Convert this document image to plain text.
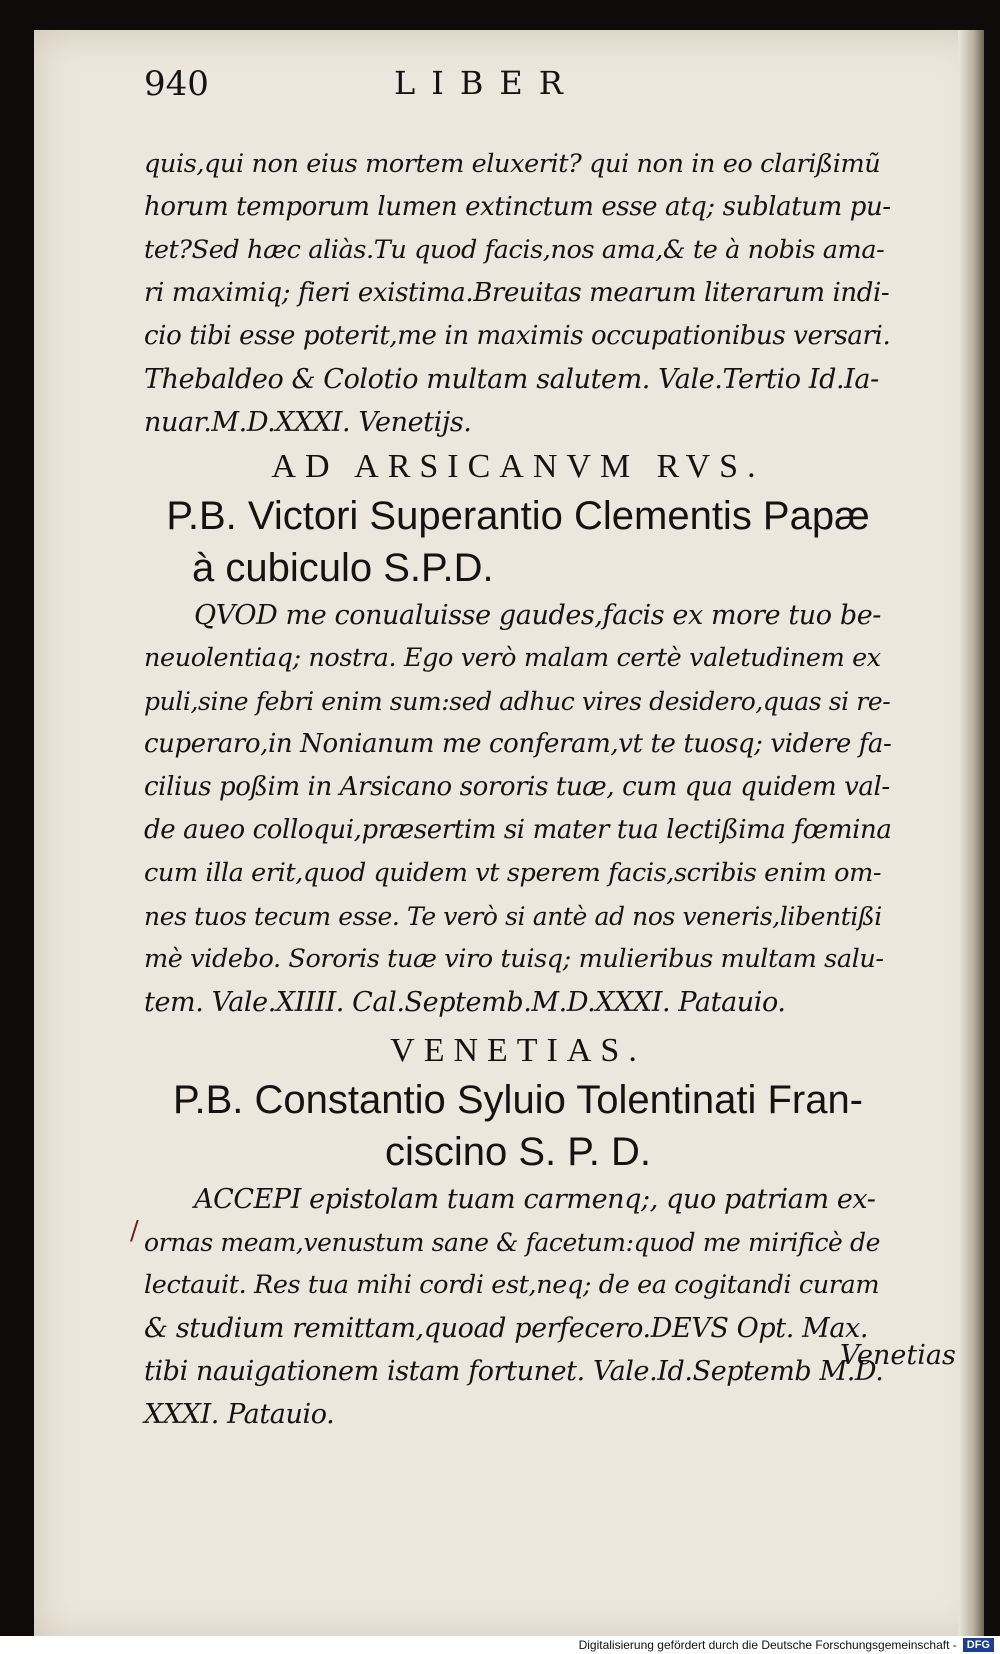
940	LIBER
quis,qui non eius mortem eluxerit? qui non in eo clarißimũ
horum temporum lumen extinctum esse atq; sublatum pu-
tet?Sed hæc aliàs.Tu quod facis,nos ama,& te à nobis ama-
ri maximiq; fieri existima.Breuitas mearum literarum indi-
cio tibi esse poterit,me in maximis occupationibus versari.
Thebaldeo & Colotio multam salutem. Vale.Tertio Id.Ia-
nuar.M.D.XXXI. Venetijs.
AD ARSICANVM RVS.
P.B. Victori Superantio Clementis Papæ
à cubiculo S.P.D.
QVOD me conualuisse gaudes,facis ex more tuo be-
neuolentiaq; nostra. Ego verò malam certè valetudinem ex
puli,sine febri enim sum:sed adhuc vires desidero,quas si re-
cuperaro,in Nonianum me conferam,vt te tuosq; videre fa-
cilius poßim in Arsicano sororis tuæ, cum qua quidem val-
de aueo colloqui,præsertim si mater tua lectißima fœmina
cum illa erit,quod quidem vt sperem facis,scribis enim om-
nes tuos tecum esse. Te verò si antè ad nos veneris,libentißi
mè videbo. Sororis tuæ viro tuisq; mulieribus multam salu-
tem. Vale.XIIII. Cal.Septemb.M.D.XXXI. Patauio.
VENETIAS.
P.B. Constantio Syluio Tolentinati Fran-
ciscino S. P. D.
ACCEPI epistolam tuam carmenq;, quo patriam ex-
ornas meam,venustum sane & facetum:quod me mirificè de
lectauit. Res tua mihi cordi est,neq; de ea cogitandi curam
& studium remittam,quoad perfecero.DEVS Opt. Max.
tibi nauigationem istam fortunet. Vale.Id.Septemb M.D.
XXXI. Patauio.
/
Venetias
Digitalisierung gefördert durch die Deutsche Forschungsgemeinschaft - DFG
